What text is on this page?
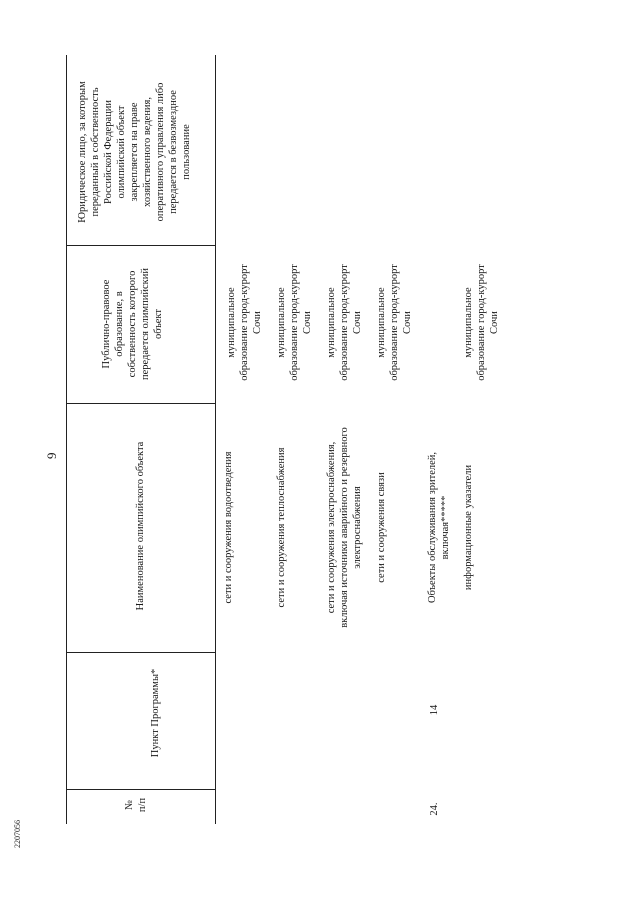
9
2207056
№
п/п

Пункт Программы*

Наименование олимпийского объекта
Публично-правовое
образование, в
собственность которого
передается олимпийский
объект
Юридическое лицо, за которым
переданный в собственность
Российской Федерации
олимпийский объект
закрепляется на праве
хозяйственного ведения,
оперативного управления либо
передается в безвозмездное
пользование
сети и сооружения водоотведения	сети и сооружения теплоснабжения	сети и сооружения электроснабжения,
включая источники аварийного и резервного
электроснабжения сети и сооружения связи
муниципальное
образование город-курорт
Сочи муниципальное
образование город-курорт
Сочи муниципальное
образование город-курорт
Сочи муниципальное
образование город-курорт
Сочи
24.
14
Объекты обслуживания зрителей,
включая***** информационные указатели
муниципальное
образование город-курорт
Сочи
